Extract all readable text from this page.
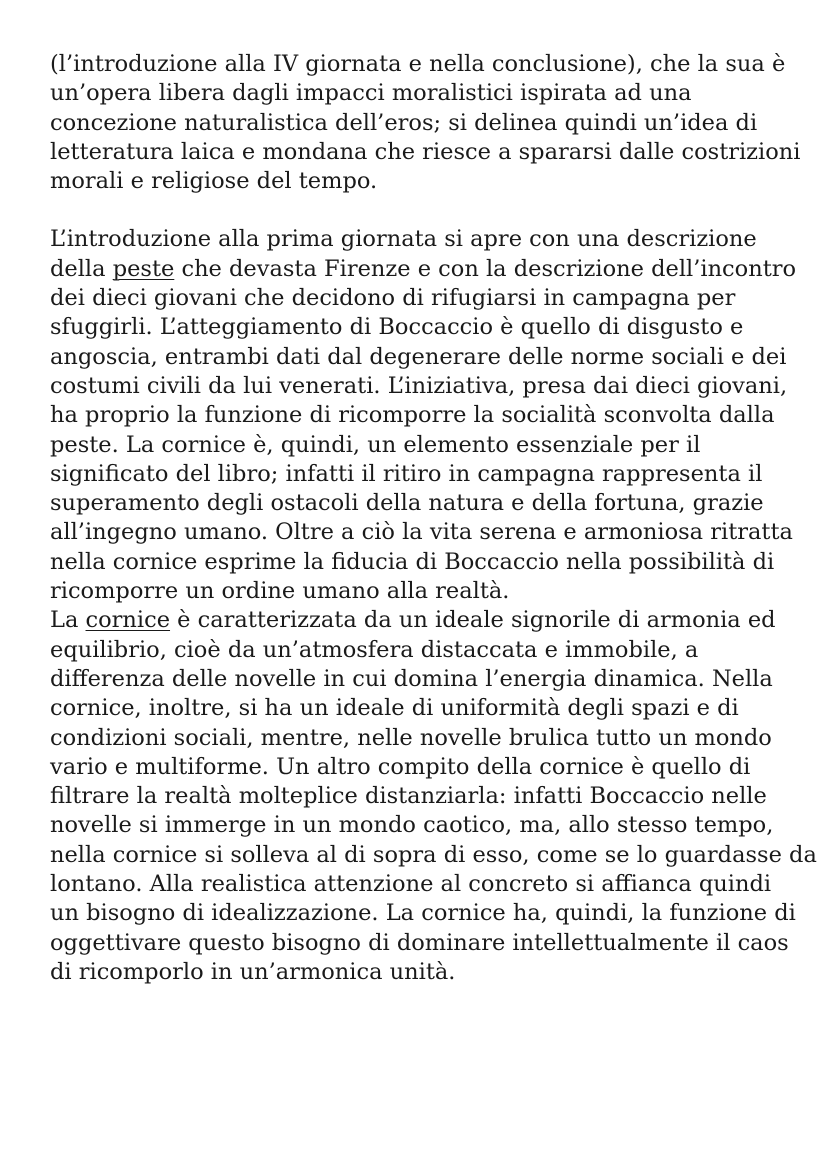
(l’introduzione alla IV giornata e nella conclusione), che la sua è
un’opera libera dagli impacci moralistici ispirata ad una
concezione naturalistica dell’eros; si delinea quindi un’idea di
letteratura laica e mondana che riesce a spararsi dalle costrizioni
morali e religiose del tempo.
L’introduzione alla prima giornata si apre con una descrizione
della peste che devasta Firenze e con la descrizione dell’incontro
dei dieci giovani che decidono di rifugiarsi in campagna per
sfuggirli. L’atteggiamento di Boccaccio è quello di disgusto e
angoscia, entrambi dati dal degenerare delle norme sociali e dei
costumi civili da lui venerati. L’iniziativa, presa dai dieci giovani,
ha proprio la funzione di ricomporre la socialità sconvolta dalla
peste. La cornice è, quindi, un elemento essenziale per il
significato del libro; infatti il ritiro in campagna rappresenta il
superamento degli ostacoli della natura e della fortuna, grazie
all’ingegno umano. Oltre a ciò la vita serena e armoniosa ritratta
nella cornice esprime la fiducia di Boccaccio nella possibilità di
ricomporre un ordine umano alla realtà.
La cornice è caratterizzata da un ideale signorile di armonia ed
equilibrio, cioè da un’atmosfera distaccata e immobile, a
differenza delle novelle in cui domina l’energia dinamica. Nella
cornice, inoltre, si ha un ideale di uniformità degli spazi e di
condizioni sociali, mentre, nelle novelle brulica tutto un mondo
vario e multiforme. Un altro compito della cornice è quello di
filtrare la realtà molteplice distanziarla: infatti Boccaccio nelle
novelle si immerge in un mondo caotico, ma, allo stesso tempo,
nella cornice si solleva al di sopra di esso, come se lo guardasse da
lontano. Alla realistica attenzione al concreto si affianca quindi
un bisogno di idealizzazione. La cornice ha, quindi, la funzione di
oggettivare questo bisogno di dominare intellettualmente il caos
di ricomporlo in un’armonica unità.
